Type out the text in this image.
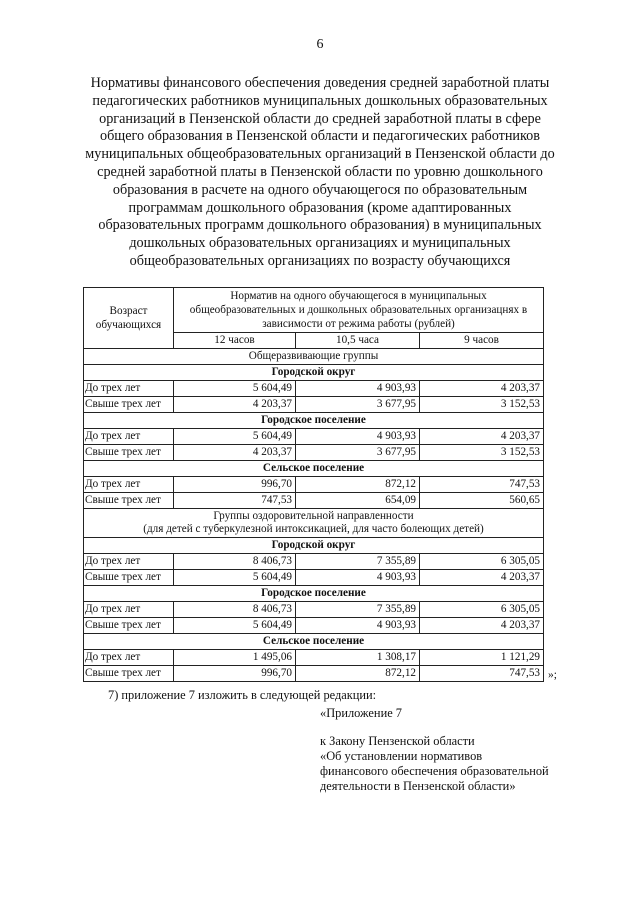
6
Нормативы финансового обеспечения доведения средней заработной платы педагогических работников муниципальных дошкольных образовательных организаций в Пензенской области до средней заработной платы в сфере общего образования в Пензенской области и педагогических работников муниципальных общеобразовательных организаций в Пензенской области до средней заработной платы в Пензенской области по уровню дошкольного образования в расчете на одного обучающегося по образовательным программам дошкольного образования (кроме адаптированных образовательных программ дошкольного образования) в муниципальных дошкольных образовательных организациях и муниципальных общеобразовательных организациях по возрасту обучающихся
Возраст обучающихся	Норматив на одного обучающегося в муниципальных общеобразовательных и дошкольных образовательных организацнях в зависимости от режима работы (рублей)		
	12 часов	10,5 часа	9 часов

Общеразвивающие группы			

Городской округ			
До трех лет	5 604,49	4 903,93	4 203,37
Свыше трех лет	4 203,37	3 677,95	3 152,53
Городское поселение			
До трех лет	5 604,49	4 903,93	4 203,37
Свыше трех лет	4 203,37	3 677,95	3 152,53
Сельское поселение			
До трех лет	996,70	872,12	747,53
Свыше трех лет	747,53	654,09	560,65

Группы оздоровительной направленности
(для детей с туберкулезной интоксикацией, для часто болеющих детей)			

Городской округ			
До трех лет	8 406,73	7 355,89	6 305,05
Свыше трех лет	5 604,49	4 903,93	4 203,37
Городское поселение			
До трех лет	8 406,73	7 355,89	6 305,05
Свыше трех лет	5 604,49	4 903,93	4 203,37
Сельское поселение			
До трех лет	1 495,06	1 308,17	1 121,29
Свыше трех лет	996,70	872,12	747,53 »;
7) приложение 7 изложить в следующей редакции:
«Приложение 7
к Закону Пензенской области
«Об установлении нормативов
финансового обеспечения образовательной
деятельности в Пензенской области»
